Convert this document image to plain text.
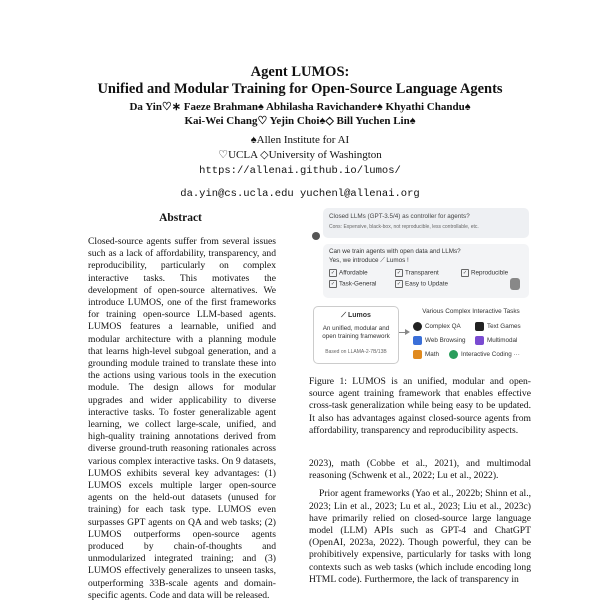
Agent LUMOS:
Unified and Modular Training for Open-Source Language Agents
Da Yin♡∗ Faeze Brahman♠ Abhilasha Ravichander♠ Khyathi Chandu♠
Kai-Wei Chang♡ Yejin Choi♠◇ Bill Yuchen Lin♠
♠Allen Institute for AI
♡UCLA ◇University of Washington
https://allenai.github.io/lumos/
da.yin@cs.ucla.edu yuchenl@allenai.org
Abstract
Closed-source agents suffer from several issues such as a lack of affordability, transparency, and reproducibility, particularly on complex interactive tasks. This motivates the development of open-source alternatives. We introduce LUMOS, one of the first frameworks for training open-source LLM-based agents. LUMOS features a learnable, unified and modular architecture with a planning module that learns high-level subgoal generation, and a grounding module trained to translate these into the actions using various tools in the execution module. The design allows for modular upgrades and wider applicability to diverse interactive tasks. To foster generalizable agent learning, we collect large-scale, unified, and high-quality training annotations derived from diverse ground-truth reasoning rationales across various complex interactive tasks. On 9 datasets, LUMOS exhibits several key advantages: (1) LUMOS excels multiple larger open-source agents on the held-out datasets (unused for training) for each task type. LUMOS even surpasses GPT agents on QA and web tasks; (2) LUMOS outperforms open-source agents produced by chain-of-thoughts and unmodularized integrated training; and (3) LUMOS effectively generalizes to unseen tasks, outperforming 33B-scale agents and domain-specific agents. Code and data will be released.
Closed LLMs (GPT-3.5/4) as controller for agents?
Cons: Expensive, black-box, not reproducible, less controllable, etc.
Can we train agents with open data and LLMs?
Yes, we introduce ⟋ Lumos !
✓ Affordable	✓ Transparent	✓ Reproducible
✓ Task-General	✓ Easy to Update
⟋ Lumos
An unified, modular and open training framework
Based on LLAMA-2-7B/13B
Various Complex Interactive Tasks
Complex QA	Text Games
Web Browsing	Multimodal
Math	Interactive Coding ···
Figure 1: LUMOS is an unified, modular and open-source agent training framework that enables effective cross-task generalization while being easy to be updated. It also has advantages against closed-source agents from affordability, transparency and reproducibility aspects.

2023), math (Cobbe et al., 2021), and multimodal reasoning (Schwenk et al., 2022; Lu et al., 2022).

Prior agent frameworks (Yao et al., 2022b; Shinn et al., 2023; Lin et al., 2023; Lu et al., 2023; Liu et al., 2023c) have primarily relied on closed-source large language model (LLM) APIs such as GPT-4 and ChatGPT (OpenAI, 2023a, 2022). Though powerful, they can be prohibitively expensive, particularly for tasks with long contexts such as web tasks (which include encoding long HTML code). Furthermore, the lack of transparency in
